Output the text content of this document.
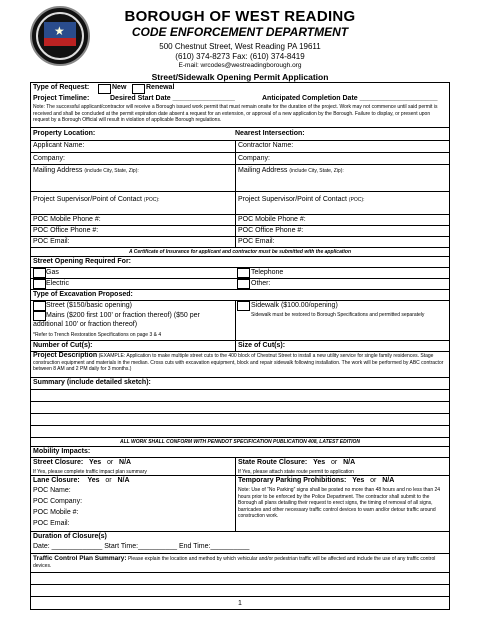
★
BOROUGH OF WEST READING
CODE ENFORCEMENT DEPARTMENT
500 Chestnut Street, West Reading PA 19611
(610) 374-8273 Fax: (610) 374-8419
E-mail: wrcodes@westreadingborough.org
Street/Sidewalk Opening Permit Application
Type of Request:	New	Renewal
Project Timeline:	Desired Start Date ________________	Anticipated Completion Date ____________________
Note: The successful applicant/contractor will receive a Borough issued work permit that must remain onsite for the duration of the project. Work may not commence until said permit is received and shall be concluded at the permit expiration date absent a request for an extension, or approval of a new application by the Borough. Failure to display, or present upon request by a Borough Official will result in violation of applicable Borough regulations.
Property Location:	Nearest Intersection:
Applicant Name:	Contractor Name:
Company:	Company:
Mailing Address (include City, State, Zip):	Mailing Address (include City, State, Zip):
Project Supervisor/Point of Contact (POC):	Project Supervisor/Point of Contact (POC):
POC Mobile Phone #:	POC Mobile Phone #:
POC Office Phone #:	POC Office Phone #:
POC Email:	POC Email:
A Certificate of Insurance for applicant and contractor must be submitted with the application
Street Opening Required For:
Gas	Telephone
Electric	Other:
Type of Excavation Proposed:
Street ($150/basic opening)	Sidewalk ($100.00/opening)
Sidewalk must be restored to Borough Specifications and permitted separately
Mains ($200 first 100’ or fraction thereof) ($50 per
additional 100’ or fraction thereof)
*Refer to Trench Restoration Specifications on page 3 & 4
Number of Cut(s):	Size of Cut(s):
Project Description (EXAMPLE: Application to make multiple street cuts to the 400 block of Chestnut Street to install a new utility service for single family residences. Stage construction equipment and materials in the median. Cross cuts with excavation equipment, block and repair sidewalk following installation. The work will be performed by ABC contractor between 8 AM and 2 PM daily for 3 months.)
Summary (include detailed sketch):
ALL WORK SHALL CONFORM WITH PENNDOT SPECIFICATION PUBLICATION 408, LATEST EDITION
Mobility Impacts:
Street Closure: Yes or N/A	State Route Closure: Yes or N/A
If Yes, please complete traffic impact plan summary	If Yes, please attach state route permit to application
Lane Closure: Yes or N/A
POC Name:
POC Company:
POC Mobile #:
POC Email:
Temporary Parking Prohibitions: Yes or N/A
Note: Use of “No Parking” signs shall be posted no more than 48 hours and no less than 24 hours prior to be enforced by the Police Department. The contractor shall submit to the Borough all plans detailing their request to erect signs, the timing of removal of all signs, barricades and other necessary traffic control devices to warn and/or detour traffic around construction work.
Duration of Closure(s)
Date: _____________ Start Time:__________ End Time:__________
Traffic Control Plan Summary: Please explain the location and method by which vehicular and/or pedestrian traffic will be affected and include the use of any traffic control devices.
1
